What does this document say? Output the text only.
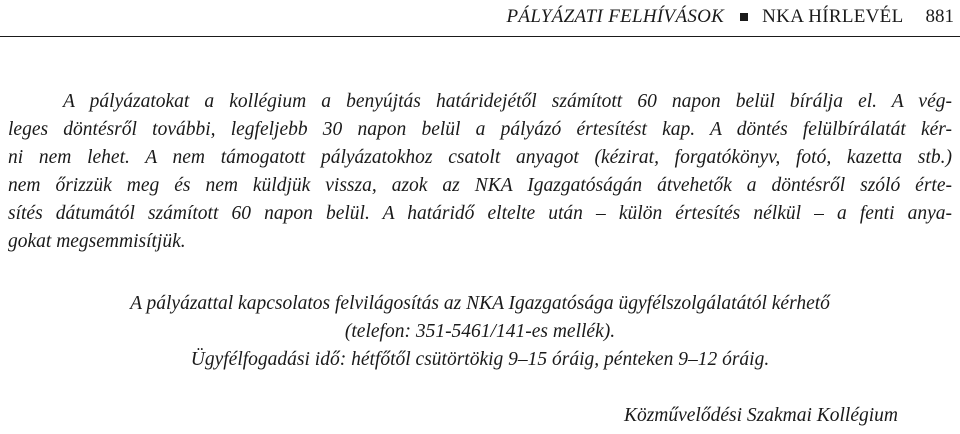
PÁLYÁZATI FELHÍVÁSOK NKA HÍRLEVÉL 881
A pályázatokat a kollégium a benyújtás határidejétől számított 60 napon belül bírálja el. A vég-
leges döntésről további, legfeljebb 30 napon belül a pályázó értesítést kap. A döntés felülbírálatát kér-
ni nem lehet. A nem támogatott pályázatokhoz csatolt anyagot (kézirat, forgatókönyv, fotó, kazetta stb.)
nem őrizzük meg és nem küldjük vissza, azok az NKA Igazgatóságán átvehetők a döntésről szóló érte-
sítés dátumától számított 60 napon belül. A határidő eltelte után – külön értesítés nélkül – a fenti anya-
gokat megsemmisítjük.
A pályázattal kapcsolatos felvilágosítás az NKA Igazgatósága ügyfélszolgálatától kérhető
(telefon: 351-5461/141-es mellék).
Ügyfélfogadási idő: hétfőtől csütörtökig 9–15 óráig, pénteken 9–12 óráig.
Közművelődési Szakmai Kollégium
